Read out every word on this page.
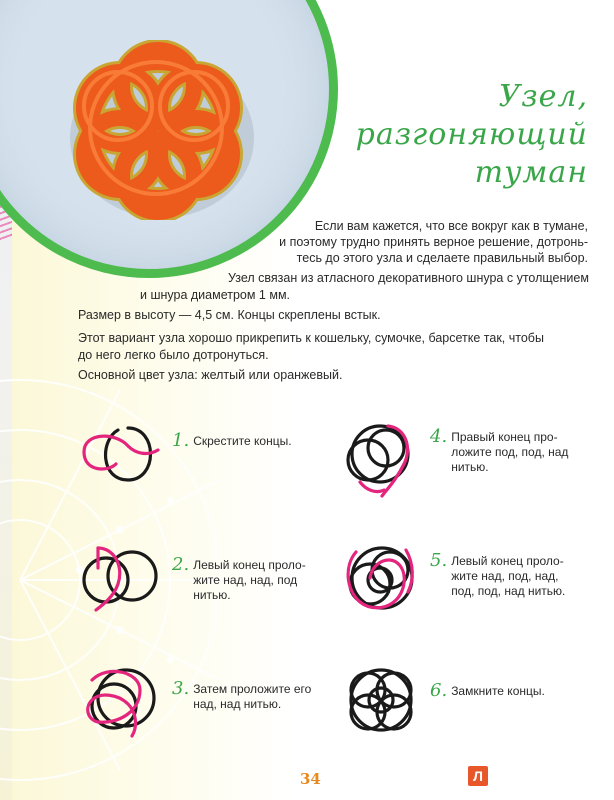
Узел,
разгоняющий
туман
Если вам кажется, что все вокруг как в тумане,
и поэтому трудно принять верное решение, дотронь-
тесь до этого узла и сделаете правильный выбор.
Узел связан из атласного декоративного шнура с утолщением
и шнура диаметром 1 мм.
Размер в высоту — 4,5 см. Концы скреплены встык.
Этот вариант узла хорошо прикрепить к кошельку, сумочке, барсетке так, чтобы
до него легко было дотронуться.
Основной цвет узла: желтый или оранжевый.
1. Скрестите концы.
2. Левый конец проло-
жите над, над, под
нитью.
3. Затем проложите его
над, над нитью.
4. Правый конец про-
ложите под, под, над
нитью.
5. Левый конец проло-
жите над, под, над,
под, под, над нитью.
6. Замкните концы.
34	Л
